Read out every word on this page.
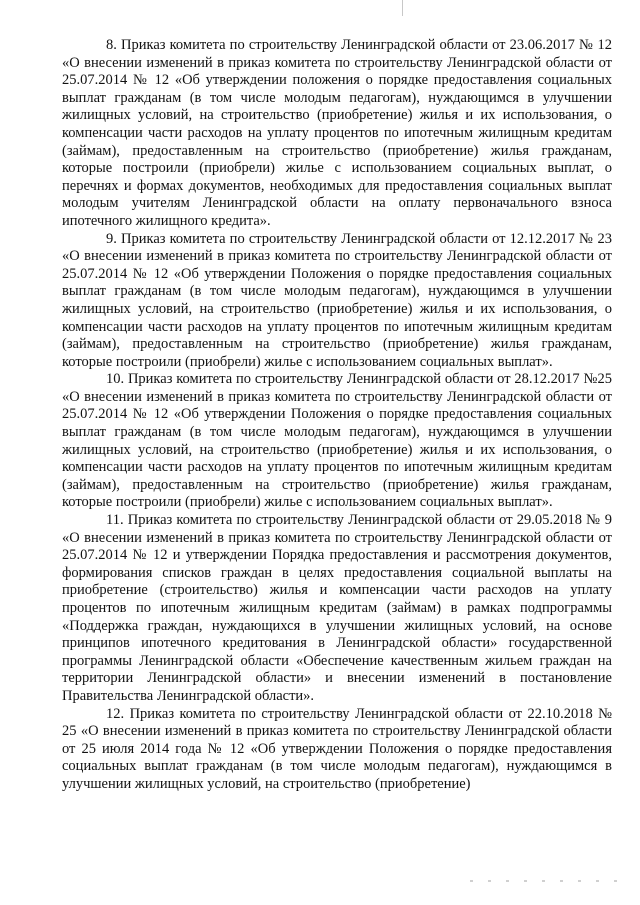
8. Приказ комитета по строительству Ленинградской области от 23.06.2017 № 12 «О внесении изменений в приказ комитета по строительству Ленинградской области от 25.07.2014 № 12 «Об утверждении положения о порядке предоставления социальных выплат гражданам (в том числе молодым педагогам), нуждающимся в улучшении жилищных условий, на строительство (приобретение) жилья и их использования, о компенсации части расходов на уплату процентов по ипотечным жилищным кредитам (займам), предоставленным на строительство (приобретение) жилья гражданам, которые построили (приобрели) жилье с использованием социальных выплат, о перечнях и формах документов, необходимых для предоставления социальных выплат молодым учителям Ленинградской области на оплату первоначального взноса ипотечного жилищного кредита».

9. Приказ комитета по строительству Ленинградской области от 12.12.2017 № 23 «О внесении изменений в приказ комитета по строительству Ленинградской области от 25.07.2014 № 12 «Об утверждении Положения о порядке предоставления социальных выплат гражданам (в том числе молодым педагогам), нуждающимся в улучшении жилищных условий, на строительство (приобретение) жилья и их использования, о компенсации части расходов на уплату процентов по ипотечным жилищным кредитам (займам), предоставленным на строительство (приобретение) жилья гражданам, которые построили (приобрели) жилье с использованием социальных выплат».

10. Приказ комитета по строительству Ленинградской области от 28.12.2017 №25 «О внесении изменений в приказ комитета по строительству Ленинградской области от 25.07.2014 № 12 «Об утверждении Положения о порядке предоставления социальных выплат гражданам (в том числе молодым педагогам), нуждающимся в улучшении жилищных условий, на строительство (приобретение) жилья и их использования, о компенсации части расходов на уплату процентов по ипотечным жилищным кредитам (займам), предоставленным на строительство (приобретение) жилья гражданам, которые построили (приобрели) жилье с использованием социальных выплат».

11. Приказ комитета по строительству Ленинградской области от 29.05.2018 № 9 «О внесении изменений в приказ комитета по строительству Ленинградской области от 25.07.2014 № 12 и утверждении Порядка предоставления и рассмотрения документов, формирования списков граждан в целях предоставления социальной выплаты на приобретение (строительство) жилья и компенсации части расходов на уплату процентов по ипотечным жилищным кредитам (займам) в рамках подпрограммы «Поддержка граждан, нуждающихся в улучшении жилищных условий, на основе принципов ипотечного кредитования в Ленинградской области» государственной программы Ленинградской области «Обеспечение качественным жильем граждан на территории Ленинградской области» и внесении изменений в постановление Правительства Ленинградской области».

12. Приказ комитета по строительству Ленинградской области от 22.10.2018 № 25 «О внесении изменений в приказ комитета по строительству Ленинградской области от 25 июля 2014 года № 12 «Об утверждении Положения о порядке предоставления социальных выплат гражданам (в том числе молодым педагогам), нуждающимся в улучшении жилищных условий, на строительство (приобретение)
